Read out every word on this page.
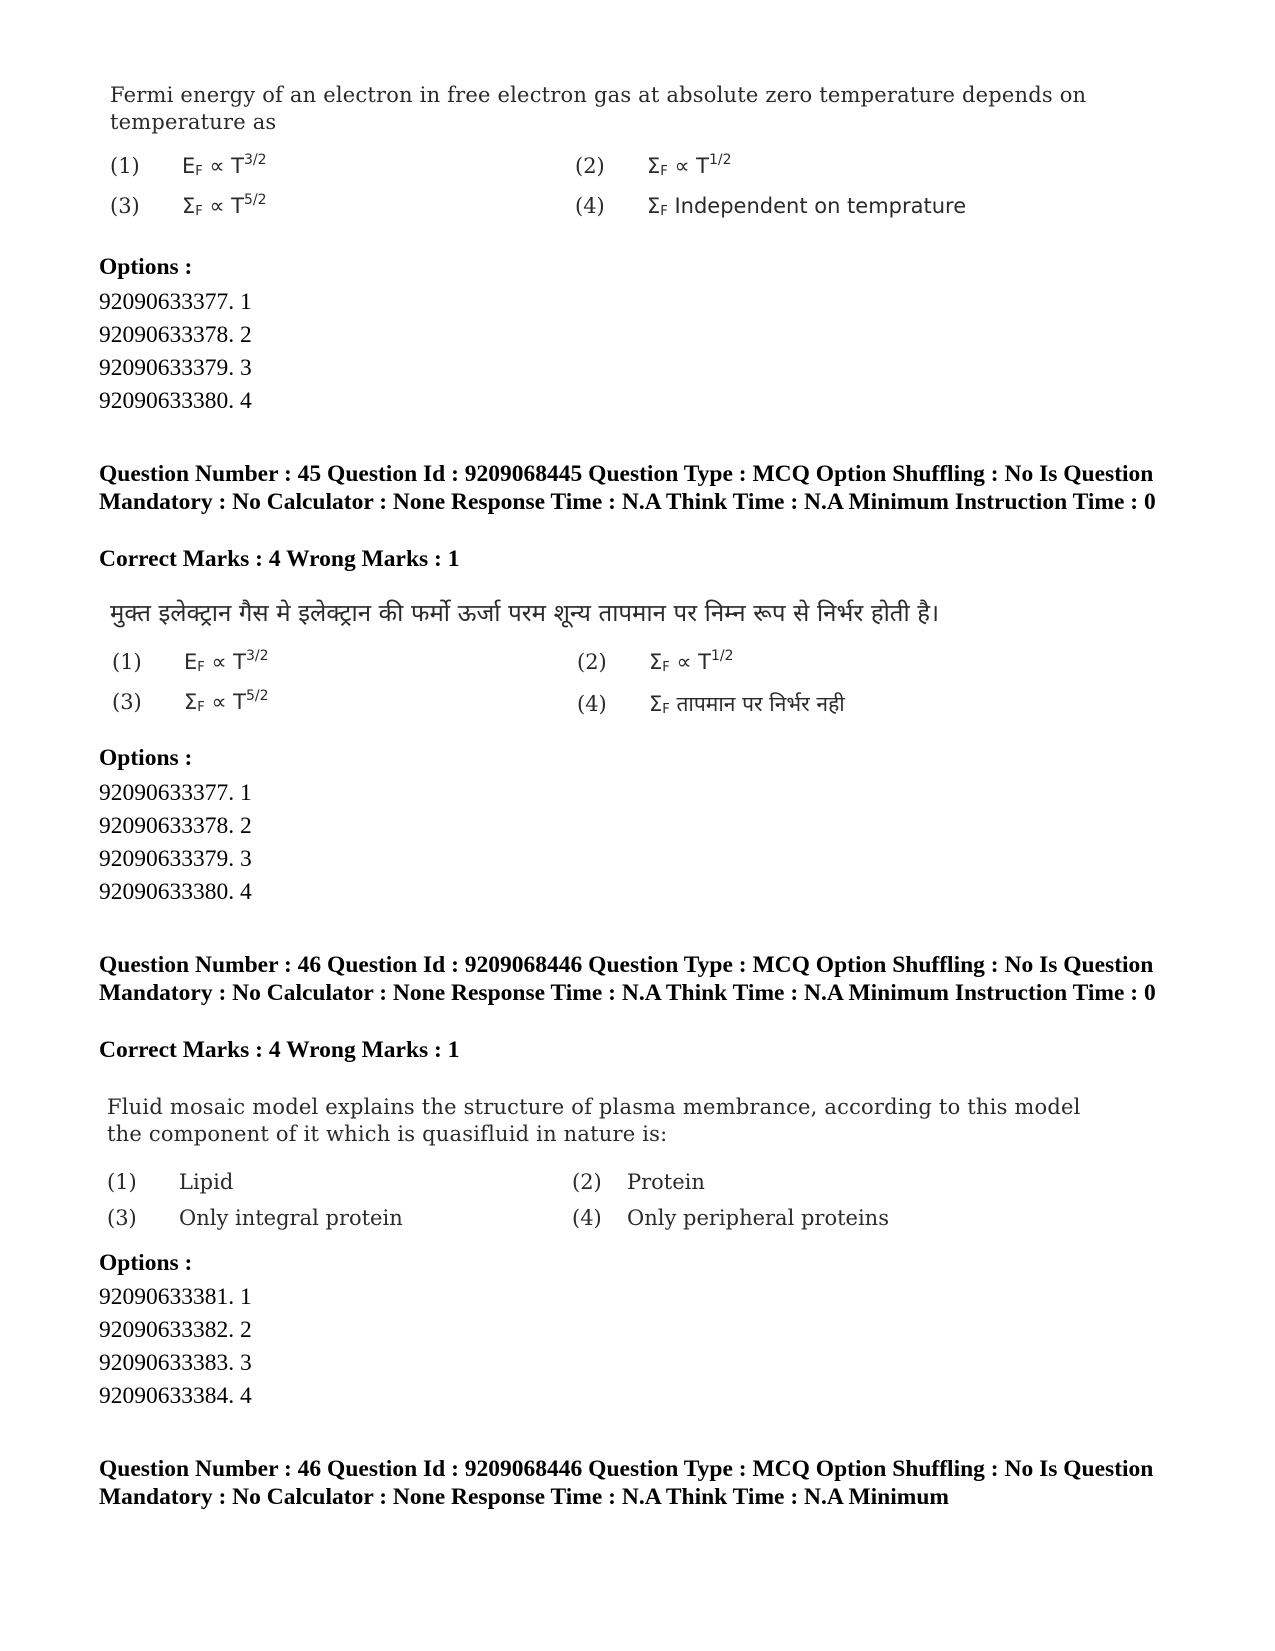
Fermi energy of an electron in free electron gas at absolute zero temperature depends on temperature as
(1)	$E_F \propto T^{3/2}$	(2)	$\Sigma_F \propto T^{1/2}$
(3)	$\Sigma_F \propto T^{5/2}$	(4)	$\Sigma_F$ Independent on temprature
Options :
92090633377. 1
92090633378. 2
92090633379. 3
92090633380. 4
Question Number : 45 Question Id : 9209068445 Question Type : MCQ Option Shuffling : No Is Question Mandatory : No Calculator : None Response Time : N.A Think Time : N.A Minimum Instruction Time : 0
Correct Marks : 4 Wrong Marks : 1
मुक्त इलेक्ट्रान गैस मे इलेक्ट्रान की फर्मो ऊर्जा परम शून्य तापमान पर निम्न रूप से निर्भर होती है।
(1)	$E_F \propto T^{3/2}$	(2)	$\Sigma_F \propto T^{1/2}$
(3)	$\Sigma_F \propto T^{5/2}$	(4)	$\Sigma_F$ तापमान पर निर्भर नही
Options :
92090633377. 1
92090633378. 2
92090633379. 3
92090633380. 4
Question Number : 46 Question Id : 9209068446 Question Type : MCQ Option Shuffling : No Is Question Mandatory : No Calculator : None Response Time : N.A Think Time : N.A Minimum Instruction Time : 0
Correct Marks : 4 Wrong Marks : 1
Fluid mosaic model explains the structure of plasma membrance, according to this model the component of it which is quasifluid in nature is:
(1)	Lipid	(2)	Protein
(3)	Only integral protein	(4)	Only peripheral proteins
Options :
92090633381. 1
92090633382. 2
92090633383. 3
92090633384. 4
Question Number : 46 Question Id : 9209068446 Question Type : MCQ Option Shuffling : No Is Question Mandatory : No Calculator : None Response Time : N.A Think Time : N.A Minimum
